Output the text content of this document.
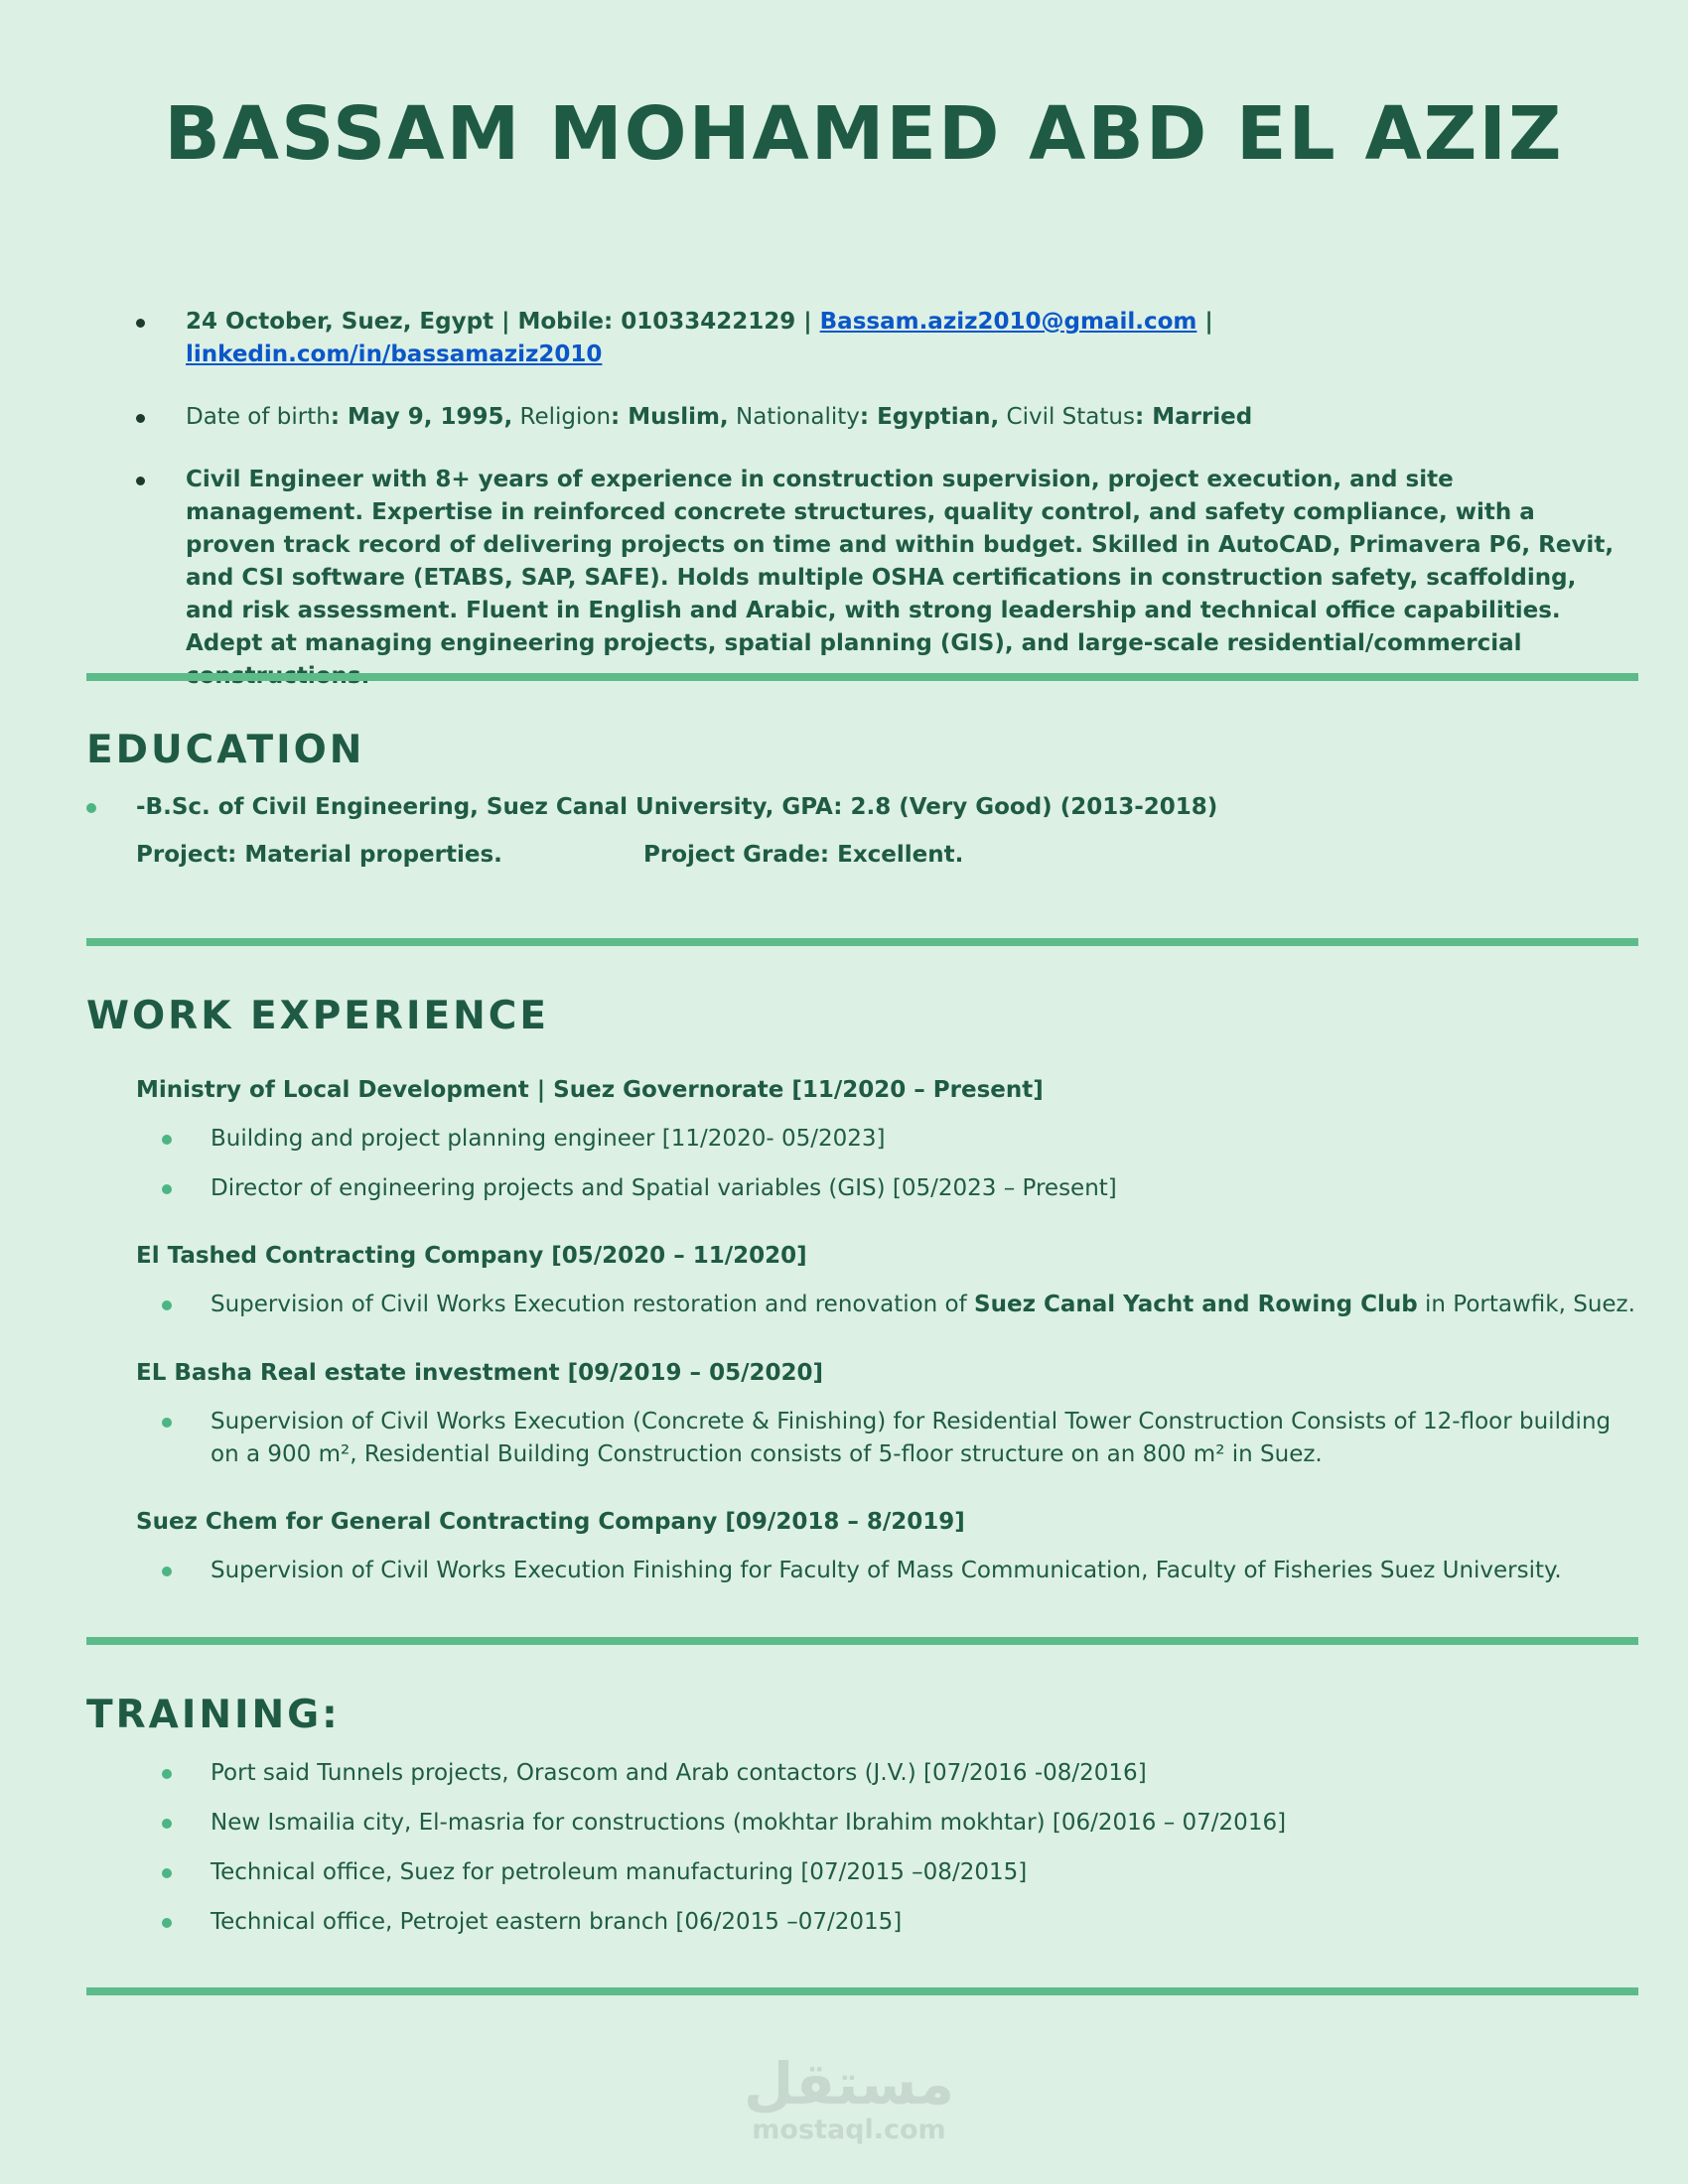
BASSAM MOHAMED ABD EL AZIZ
24 October, Suez, Egypt | Mobile: 01033422129 | Bassam.aziz2010@gmail.com | linkedin.com/in/bassamaziz2010
Date of birth: May 9, 1995, Religion: Muslim, Nationality: Egyptian, Civil Status: Married
Civil Engineer with 8+ years of experience in construction supervision, project execution, and site management. Expertise in reinforced concrete structures, quality control, and safety compliance, with a proven track record of delivering projects on time and within budget. Skilled in AutoCAD, Primavera P6, Revit, and CSI software (ETABS, SAP, SAFE). Holds multiple OSHA certifications in construction safety, scaffolding, and risk assessment. Fluent in English and Arabic, with strong leadership and technical office capabilities. Adept at managing engineering projects, spatial planning (GIS), and large-scale residential/commercial
EDUCATION
-B.Sc. of Civil Engineering, Suez Canal University, GPA: 2.8 (Very Good) (2013-2018)
Project: Material properties.	Project Grade: Excellent.
WORK EXPERIENCE
Ministry of Local Development | Suez Governorate [11/2020 – Present]
Building and project planning engineer [11/2020- 05/2023]
Director of engineering projects and Spatial variables (GIS) [05/2023 – Present]
El Tashed Contracting Company [05/2020 – 11/2020]
Supervision of Civil Works Execution restoration and renovation of Suez Canal Yacht and Rowing Club in Portawfik, Suez.
EL Basha Real estate investment [09/2019 – 05/2020]
Supervision of Civil Works Execution (Concrete & Finishing) for Residential Tower Construction Consists of 12-floor building on a 900 m², Residential Building Construction consists of 5-floor structure on an 800 m² in Suez.
Suez Chem for General Contracting Company [09/2018 – 8/2019]
Supervision of Civil Works Execution Finishing for Faculty of Mass Communication, Faculty of Fisheries Suez University.
TRAINING:
Port said Tunnels projects, Orascom and Arab contactors (J.V.) [07/2016 -08/2016]
New Ismailia city, El-masria for constructions (mokhtar Ibrahim mokhtar) [06/2016 – 07/2016]
Technical office, Suez for petroleum manufacturing [07/2015 –08/2015]
Technical office, Petrojet eastern branch [06/2015 –07/2015]
مستقل
mostaql.com
